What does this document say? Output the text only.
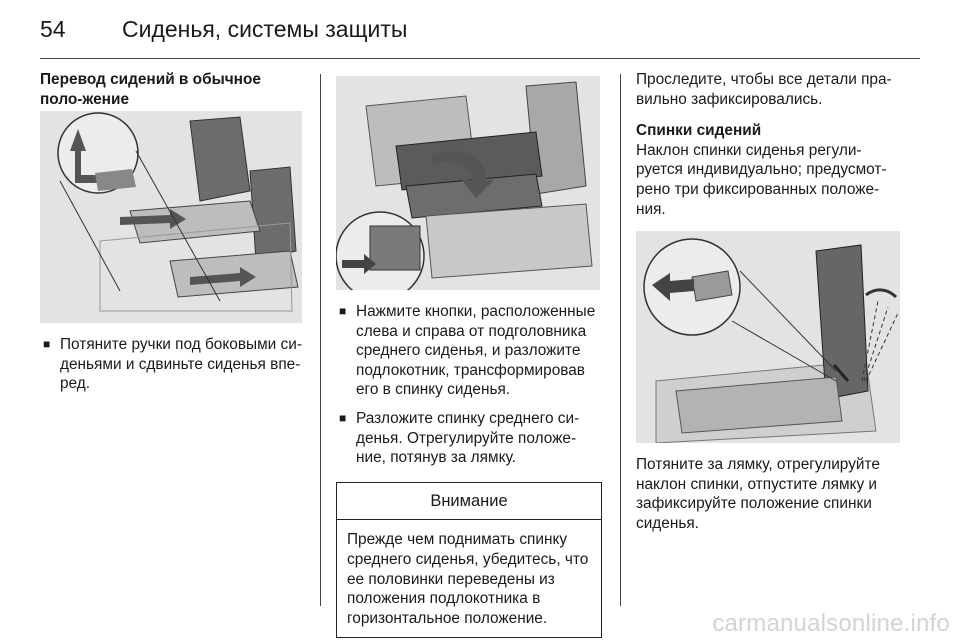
54 Сиденья, системы защиты

Перевод сидений в обычное поло-жение

■ Потяните ручки под боковыми си-деньями и сдвиньте сиденья впе-ред.
■ Нажмите кнопки, расположенные слева и справа от подголовника среднего сиденья, и разложите подлокотник, трансформировав его в спинку сиденья.
■ Разложите спинку среднего си-денья. Отрегулируйте положе-ние, потянув за лямку.
Внимание
Прежде чем поднимать спинку среднего сиденья, убедитесь, что ее половинки переведены из положения подлокотника в горизонтальное положение.

Проследите, чтобы все детали пра-вильно зафиксировались.

Спинки сидений

Наклон спинки сиденья регули-руется индивидуально; предусмот-рено три фиксированных положе-ния.

Потяните за лямку, отрегулируйте наклон спинки, отпустите лямку и зафиксируйте положение спинки сиденья.

carmanualsonline.info
